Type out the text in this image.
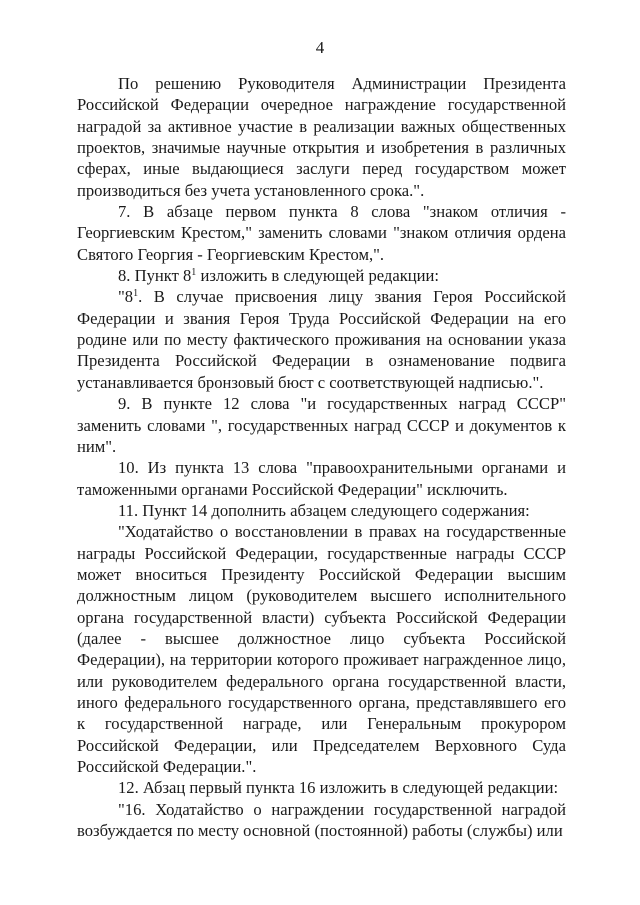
4

По решению Руководителя Администрации Президента Российской Федерации очередное награждение государственной наградой за активное участие в реализации важных общественных проектов, значимые научные открытия и изобретения в различных сферах, иные выдающиеся заслуги перед государством может производиться без учета установленного срока.".

7. В абзаце первом пункта 8 слова "знаком отличия - Георгиевским Крестом," заменить словами "знаком отличия ордена Святого Георгия - Георгиевским Крестом,".

8. Пункт $8^1$ изложить в следующей редакции:

"$8^1$. В случае присвоения лицу звания Героя Российской Федерации и звания Героя Труда Российской Федерации на его родине или по месту фактического проживания на основании указа Президента Российской Федерации в ознаменование подвига устанавливается бронзовый бюст с соответствующей надписью.".

9. В пункте 12 слова "и государственных наград СССР" заменить словами ", государственных наград СССР и документов к ним".

10. Из пункта 13 слова "правоохранительными органами и таможенными органами Российской Федерации" исключить.

11. Пункт 14 дополнить абзацем следующего содержания:

"Ходатайство о восстановлении в правах на государственные награды Российской Федерации, государственные награды СССР может вноситься Президенту Российской Федерации высшим должностным лицом (руководителем высшего исполнительного органа государственной власти) субъекта Российской Федерации (далее - высшее должностное лицо субъекта Российской Федерации), на территории которого проживает награжденное лицо, или руководителем федерального органа государственной власти, иного федерального государственного органа, представлявшего его к государственной награде, или Генеральным прокурором Российской Федерации, или Председателем Верховного Суда Российской Федерации.".

12. Абзац первый пункта 16 изложить в следующей редакции:

"16. Ходатайство о награждении государственной наградой возбуждается по месту основной (постоянной) работы (службы) или
